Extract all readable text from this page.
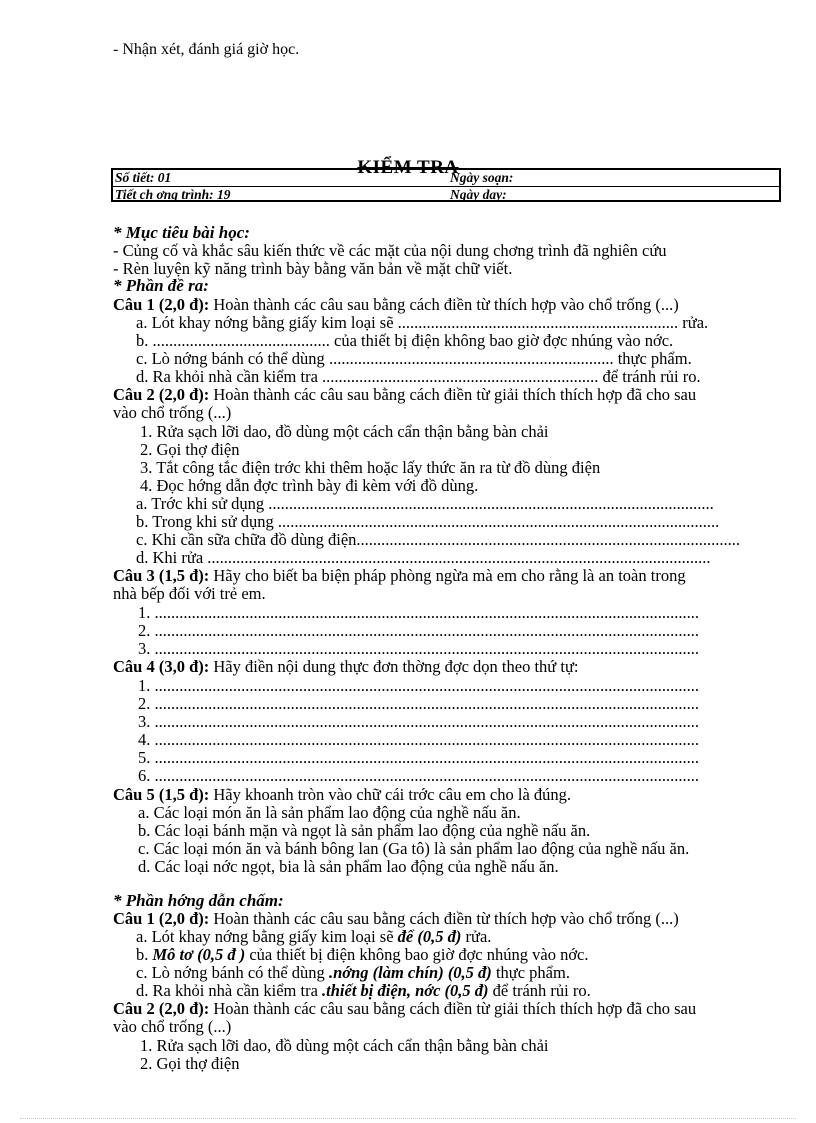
- Nhận xét, đánh giá giờ học.
KIỂM TRA
Số tiết: 01	Ngày soạn:
Tiết ch ơng trình: 19	Ngày dạy:
* Mục tiêu bài học:
- Củng cố và khắc sâu kiến thức về các mặt của nội dung chơng trình đã nghiên cứu
- Rèn luyện kỹ năng trình bày bằng văn bản về mặt chữ viết.
* Phần đề ra:
Câu 1 (2,0 đ): Hoàn thành các câu sau bằng cách điền từ thích hợp vào chổ trống (...)
a. Lót khay nớng bằng giấy kim loại sẽ .................................................................... rửa.
b. ........................................... của thiết bị điện không bao giờ đợc nhúng vào nớc.
c. Lò nớng bánh có thể dùng ..................................................................... thực phẩm.
d. Ra khỏi nhà cần kiểm tra ................................................................... để tránh rủi ro.
Câu 2 (2,0 đ): Hoàn thành các câu sau bằng cách điền từ giải thích thích hợp đã cho sau
vào chổ trống (...)
1. Rửa sạch lỡi dao, đồ dùng một cách cẩn thận bằng bàn chải
2. Gọi thợ điện
3. Tắt công tắc điện trớc khi thêm hoặc lấy thức ăn ra từ đồ dùng điện
4. Đọc hớng dẫn đợc trình bày đi kèm với đồ dùng.
a. Trớc khi sử dụng ............................................................................................................
b. Trong khi sử dụng ...........................................................................................................
c. Khi cần sữa chữa đồ dùng điện.............................................................................................
d. Khi rửa ..........................................................................................................................
Câu 3 (1,5 đ): Hãy cho biết ba biện pháp phòng ngừa mà em cho rằng là an toàn trong
nhà bếp đối với trẻ em.
1. ....................................................................................................................................
2. ....................................................................................................................................
3. ....................................................................................................................................
Câu 4 (3,0 đ): Hãy điền nội dung thực đơn thờng đợc dọn theo thứ tự:
1. ....................................................................................................................................
2. ....................................................................................................................................
3. ....................................................................................................................................
4. ....................................................................................................................................
5. ....................................................................................................................................
6. ....................................................................................................................................
Câu 5 (1,5 đ): Hãy khoanh tròn vào chữ cái trớc câu em cho là đúng.
a. Các loại món ăn là sản phẩm lao động của nghề nấu ăn.
b. Các loại bánh mặn và ngọt là sản phẩm lao động của nghề nấu ăn.
c. Các loại món ăn và bánh bông lan (Ga tô) là sản phẩm lao động của nghề nấu ăn.
d. Các loại nớc ngọt, bia là sản phẩm lao động của nghề nấu ăn.
* Phần hớng dẫn chấm:
Câu 1 (2,0 đ): Hoàn thành các câu sau bằng cách điền từ thích hợp vào chổ trống (...)
a. Lót khay nớng bằng giấy kim loại sẽ để (0,5 đ) rửa.
b. Mô tơ (0,5 đ ) của thiết bị điện không bao giờ đợc nhúng vào nớc.
c. Lò nớng bánh có thể dùng .nớng (làm chín) (0,5 đ) thực phẩm.
d. Ra khỏi nhà cần kiểm tra .thiết bị điện, nớc (0,5 đ) để tránh rủi ro.
Câu 2 (2,0 đ): Hoàn thành các câu sau bằng cách điền từ giải thích thích hợp đã cho sau
vào chổ trống (...)
1. Rửa sạch lỡi dao, đồ dùng một cách cẩn thận bằng bàn chải
2. Gọi thợ điện
